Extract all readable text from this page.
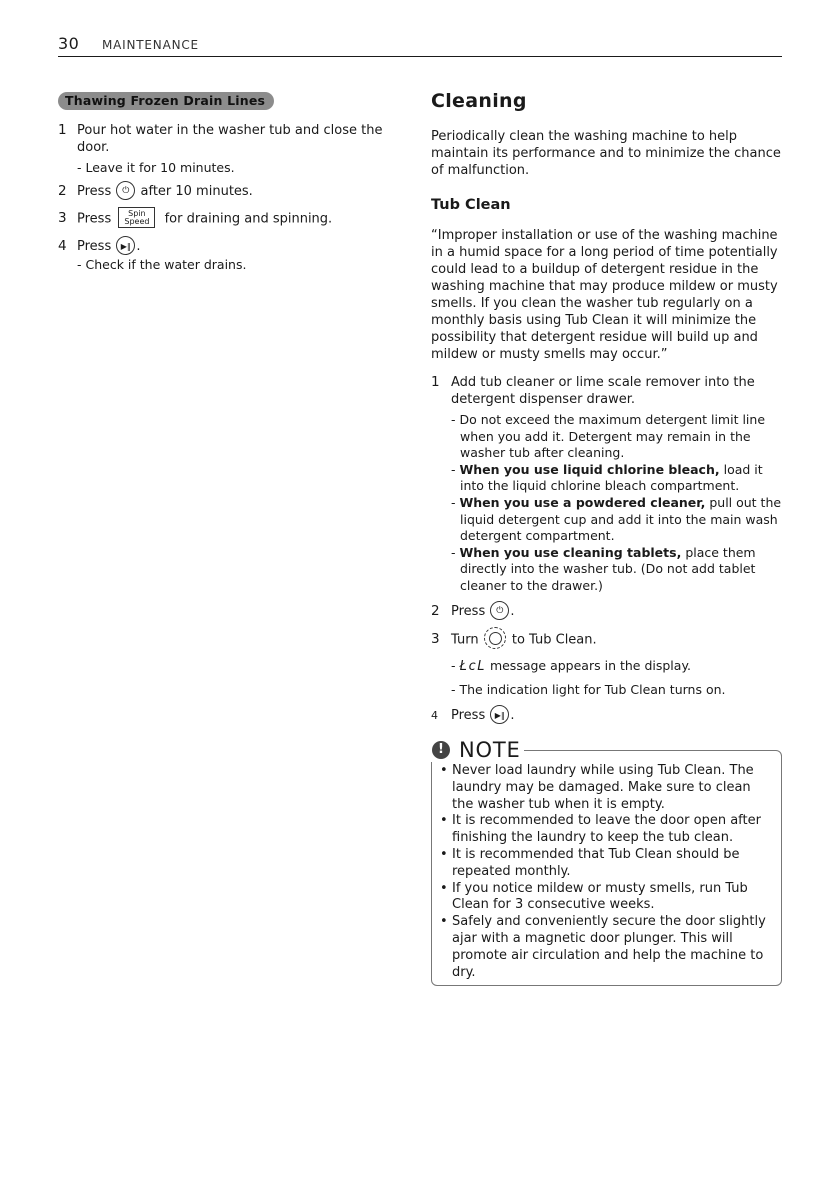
30 MAINTENANCE
Thawing Frozen Drain Lines
1 Pour hot water in the washer tub and close the door.
- Leave it for 10 minutes.
2 Press ⏻ after 10 minutes.
3 Press Spin
Speed for draining and spinning.
4 Press ▶‖ .
- Check if the water drains.
Cleaning

Periodically clean the washing machine to help maintain its performance and to minimize the chance of malfunction.

Tub Clean

“Improper installation or use of the washing machine in a humid space for a long period of time potentially could lead to a buildup of detergent residue in the washing machine that may produce mildew or musty smells. If you clean the washer tub regularly on a monthly basis using Tub Clean it will minimize the possibility that detergent residue will build up and mildew or musty smells may occur.”

1 Add tub cleaner or lime scale remover into the detergent dispenser drawer.
- Do not exceed the maximum detergent limit line when you add it. Detergent may remain in the washer tub after cleaning.
- When you use liquid chlorine bleach, load it into the liquid chlorine bleach compartment.
- When you use a powdered cleaner, pull out the liquid detergent cup and add it into the main wash detergent compartment.
- When you use cleaning tablets, place them directly into the washer tub. (Do not add tablet cleaner to the drawer.)
2 Press ⏻ .
3 Turn	to Tub Clean.
- ŁcL message appears in the display.
- The indication light for Tub Clean turns on.
4 Press ▶‖ .
! NOTE
• Never load laundry while using Tub Clean. The laundry may be damaged. Make sure to clean the washer tub when it is empty.
• It is recommended to leave the door open after finishing the laundry to keep the tub clean.
• It is recommended that Tub Clean should be repeated monthly.
• If you notice mildew or musty smells, run Tub Clean for 3 consecutive weeks.
• Safely and conveniently secure the door slightly ajar with a magnetic door plunger. This will promote air circulation and help the machine to dry.
